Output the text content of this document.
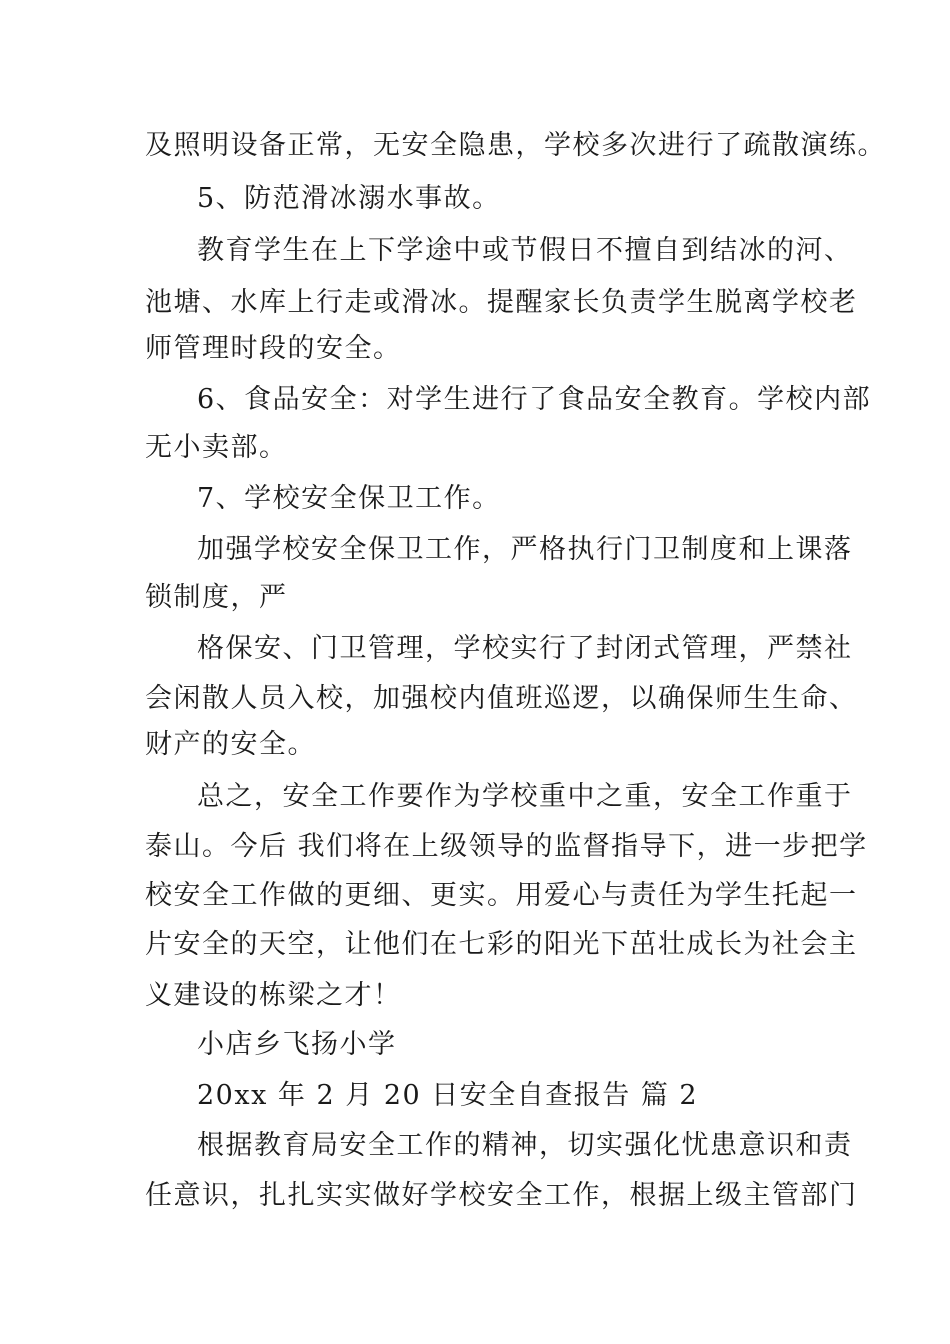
及照明设备正常，无安全隐患，学校多次进行了疏散演练。
5、防范滑冰溺水事故。
教育学生在上下学途中或节假日不擅自到结冰的河、
池塘、水库上行走或滑冰。提醒家长负责学生脱离学校老
师管理时段的安全。
6、食品安全：对学生进行了食品安全教育。学校内部
无小卖部。
7、学校安全保卫工作。
加强学校安全保卫工作，严格执行门卫制度和上课落
锁制度，严
格保安、门卫管理，学校实行了封闭式管理，严禁社
会闲散人员入校，加强校内值班巡逻，以确保师生生命、
财产的安全。
总之，安全工作要作为学校重中之重，安全工作重于
泰山。今后 我们将在上级领导的监督指导下，进一步把学
校安全工作做的更细、更实。用爱心与责任为学生托起一
片安全的天空，让他们在七彩的阳光下茁壮成长为社会主
义建设的栋梁之才！
小店乡飞扬小学
20xx 年 2 月 20 日安全自查报告 篇 2
根据教育局安全工作的精神，切实强化忧患意识和责
任意识，扎扎实实做好学校安全工作，根据上级主管部门
